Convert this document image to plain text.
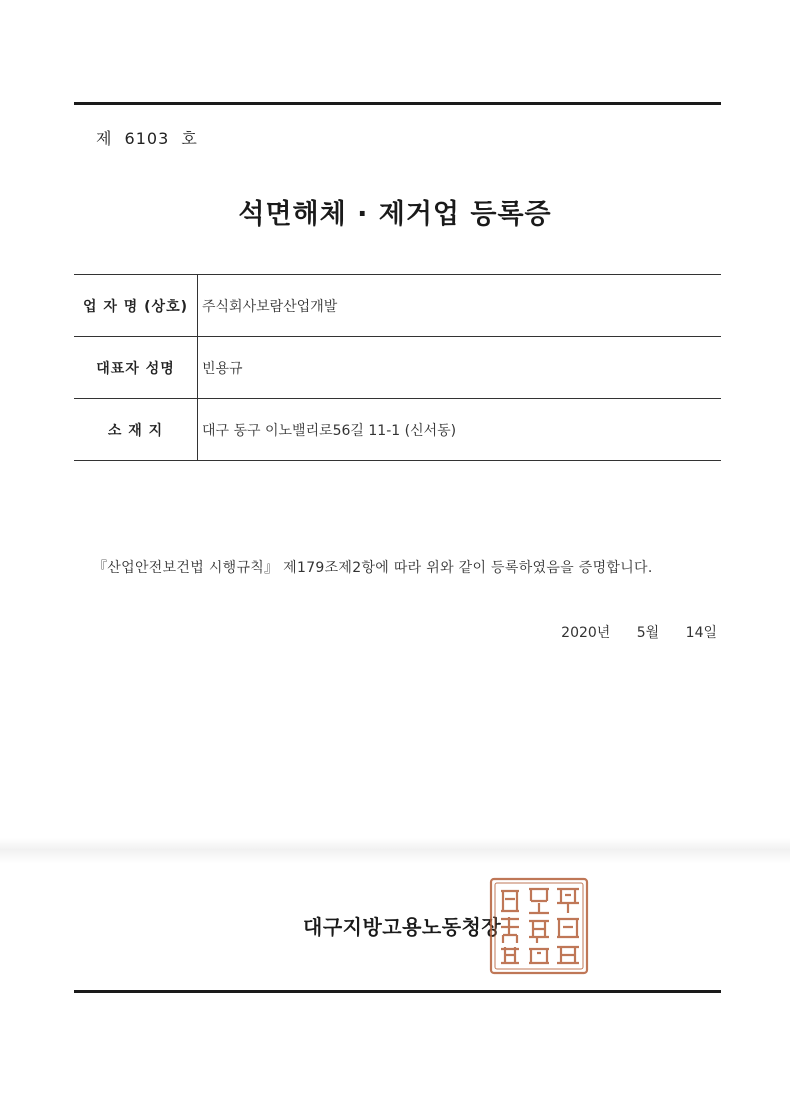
제 6103 호
석면해체 · 제거업 등록증
업 자 명 (상호)	주식회사보람산업개발
대표자 성명	빈용규
소 재 지	대구 동구 이노밸리로56길 11-1 (신서동)
『산업안전보건법 시행규칙』 제179조제2항에 따라 위와 같이 등록하였음을 증명합니다.
2020년 5월 14일
대구지방고용노동청장
